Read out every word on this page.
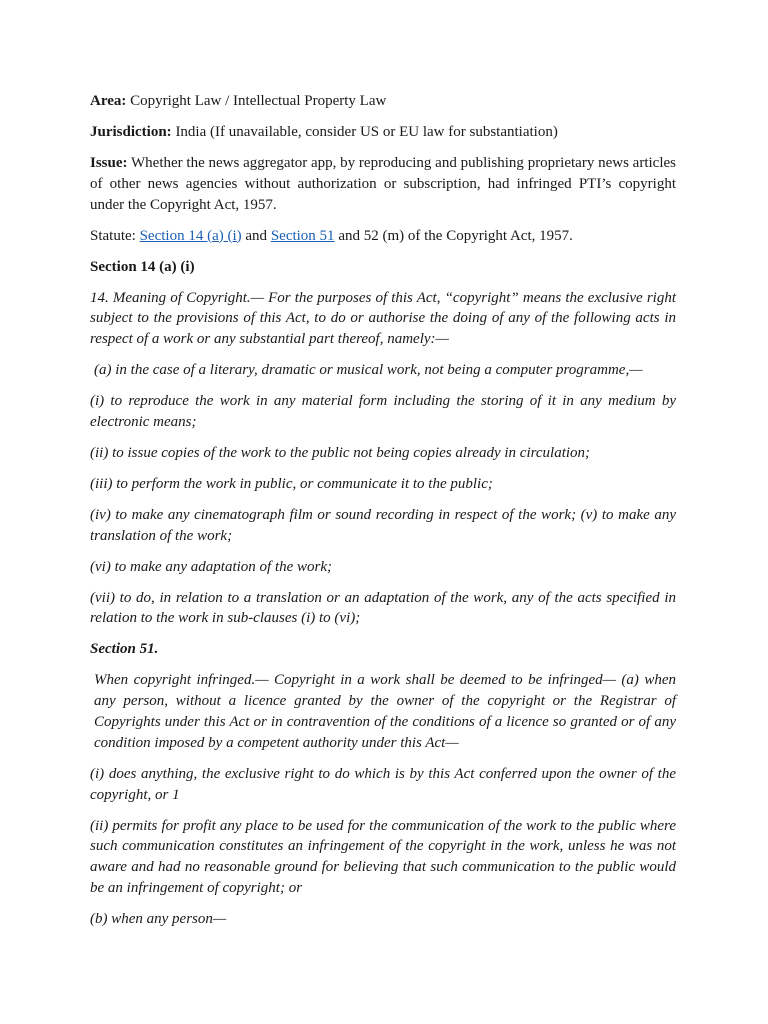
Area: Copyright Law / Intellectual Property Law

Jurisdiction: India (If unavailable, consider US or EU law for substantiation)

Issue: Whether the news aggregator app, by reproducing and publishing proprietary news articles of other news agencies without authorization or subscription, had infringed PTI’s copyright under the Copyright Act, 1957.

Statute: Section 14 (a) (i) and Section 51 and 52 (m) of the Copyright Act, 1957.

Section 14 (a) (i)

14. Meaning of Copyright.— For the purposes of this Act, “copyright” means the exclusive right subject to the provisions of this Act, to do or authorise the doing of any of the following acts in respect of a work or any substantial part thereof, namely:—

(a) in the case of a literary, dramatic or musical work, not being a computer programme,—

(i) to reproduce the work in any material form including the storing of it in any medium by electronic means;

(ii) to issue copies of the work to the public not being copies already in circulation;

(iii) to perform the work in public, or communicate it to the public;

(iv) to make any cinematograph film or sound recording in respect of the work; (v) to make any translation of the work;

(vi) to make any adaptation of the work;

(vii) to do, in relation to a translation or an adaptation of the work, any of the acts specified in relation to the work in sub-clauses (i) to (vi);

Section 51.

When copyright infringed.— Copyright in a work shall be deemed to be infringed— (a) when any person, without a licence granted by the owner of the copyright or the Registrar of Copyrights under this Act or in contravention of the conditions of a licence so granted or of any condition imposed by a competent authority under this Act—

(i) does anything, the exclusive right to do which is by this Act conferred upon the owner of the copyright, or 1

(ii) permits for profit any place to be used for the communication of the work to the public where such communication constitutes an infringement of the copyright in the work, unless he was not aware and had no reasonable ground for believing that such communication to the public would be an infringement of copyright; or

(b) when any person—
